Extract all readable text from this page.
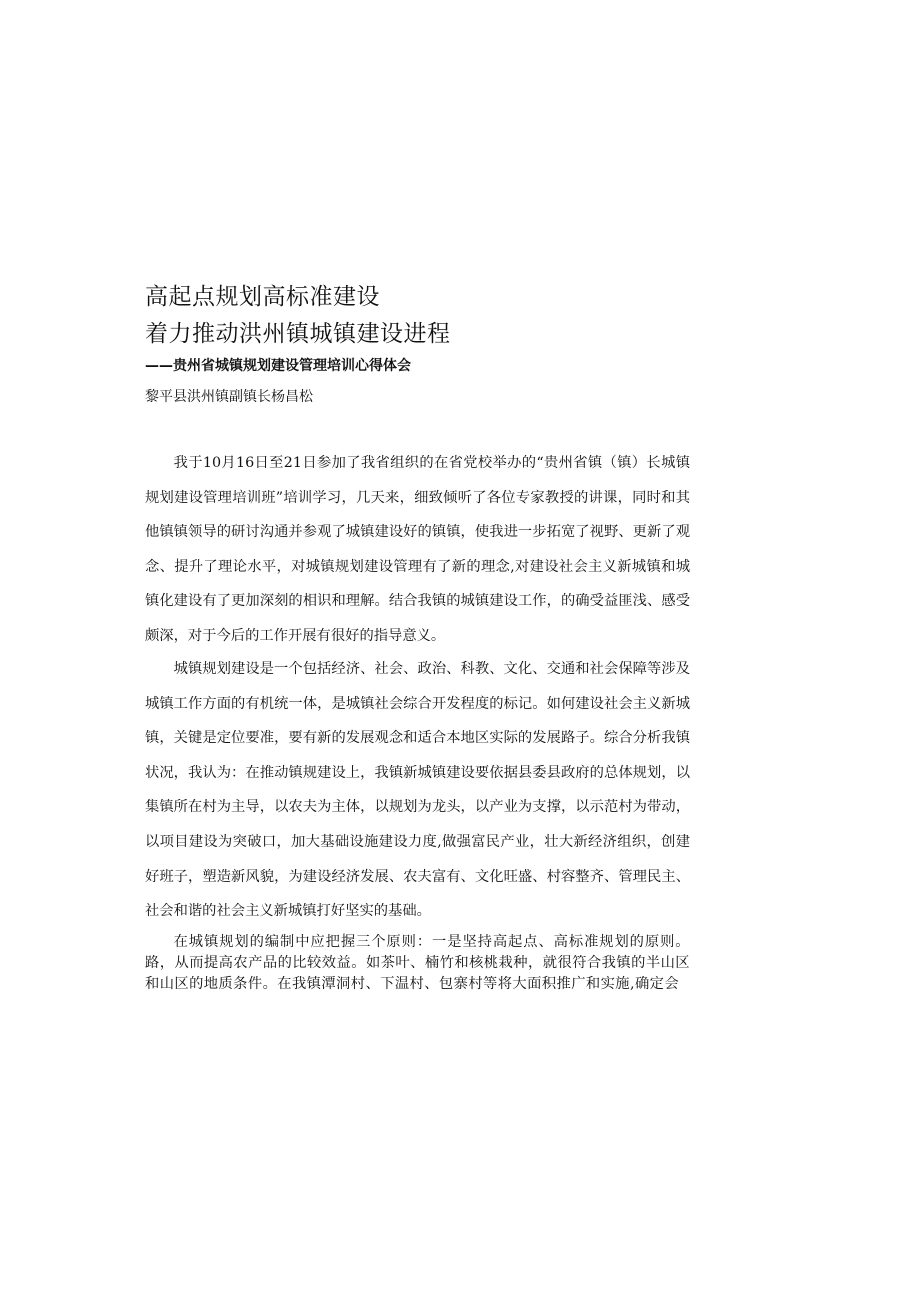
高起点规划高标准建设
着力推动洪州镇城镇建设进程
——贵州省城镇规划建设管理培训心得体会
黎平县洪州镇副镇长杨昌松

我于10月16日至21日参加了我省组织的在省党校举办的“贵州省镇（镇）长城镇规划建设管理培训班”培训学习，几天来，细致倾听了各位专家教授的讲课，同时和其他镇镇领导的研讨沟通并参观了城镇建设好的镇镇，使我进一步拓宽了视野、更新了观念、提升了理论水平，对城镇规划建设管理有了新的理念,对建设社会主义新城镇和城镇化建设有了更加深刻的相识和理解。结合我镇的城镇建设工作，的确受益匪浅、感受颇深，对于今后的工作开展有很好的指导意义。

城镇规划建设是一个包括经济、社会、政治、科教、文化、交通和社会保障等涉及城镇工作方面的有机统一体，是城镇社会综合开发程度的标记。如何建设社会主义新城镇，关键是定位要准，要有新的发展观念和适合本地区实际的发展路子。综合分析我镇状况，我认为：在推动镇规建设上，我镇新城镇建设要依据县委县政府的总体规划，以集镇所在村为主导，以农夫为主体，以规划为龙头，以产业为支撑，以示范村为带动，以项目建设为突破口，加大基础设施建设力度,做强富民产业，壮大新经济组织，创建好班子，塑造新风貌，为建设经济发展、农夫富有、文化旺盛、村容整齐、管理民主、社会和谐的社会主义新城镇打好坚实的基础。

在城镇规划的编制中应把握三个原则：一是坚持高起点、高标准规划的原则。路，从而提高农产品的比较效益。如茶叶、楠竹和核桃栽种，就很符合我镇的半山区和山区的地质条件。在我镇潭洞村、下温村、包寨村等将大面积推广和实施,确定会
